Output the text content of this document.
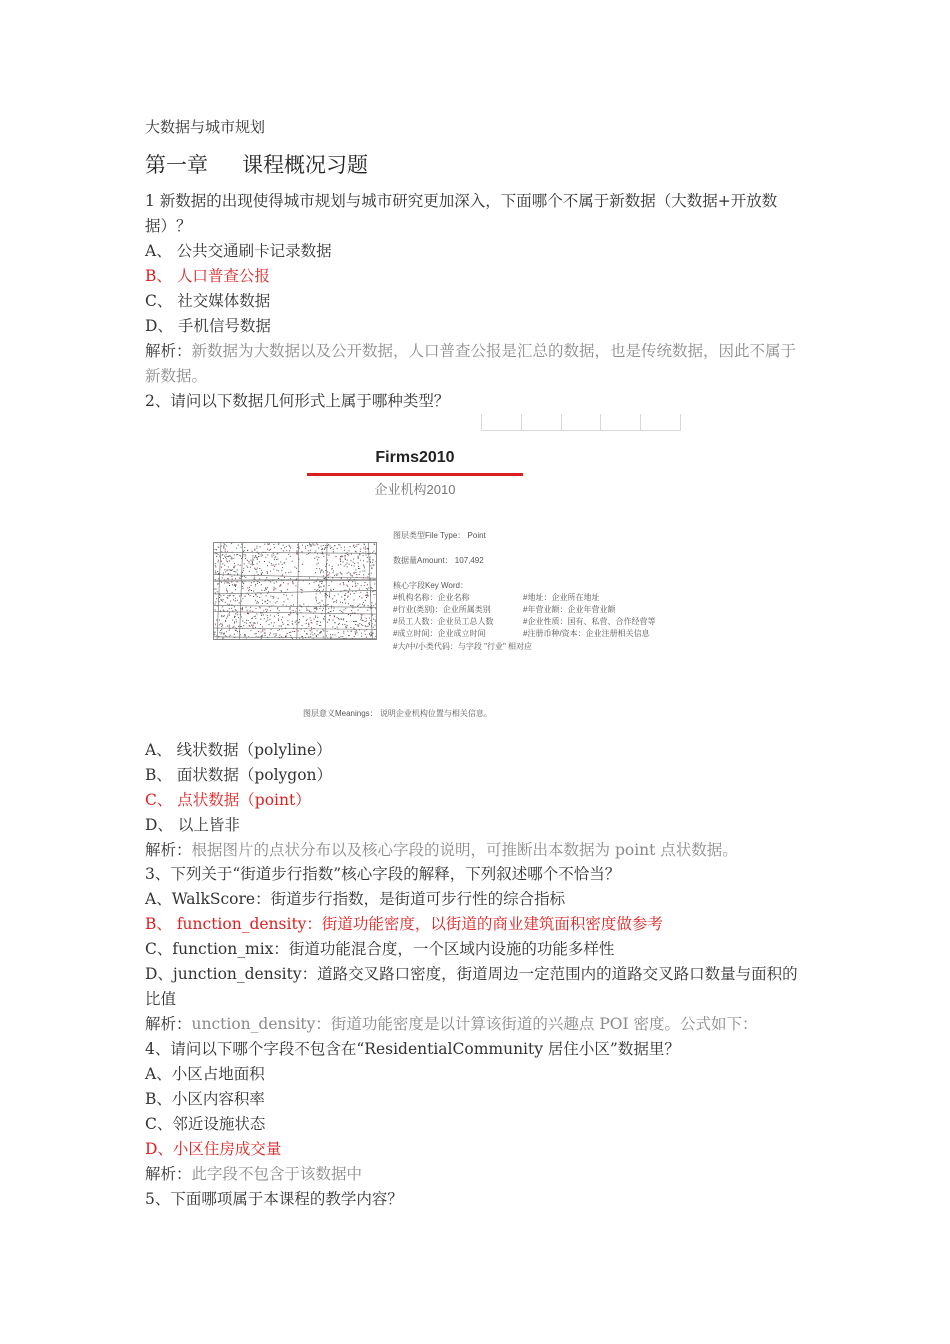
大数据与城市规划
第一章 课程概况习题
1 新数据的出现使得城市规划与城市研究更加深入，下面哪个不属于新数据（大数据+开放数据）？
A、 公共交通刷卡记录数据
B、 人口普查公报
C、 社交媒体数据
D、 手机信号数据
解析：新数据为大数据以及公开数据，人口普查公报是汇总的数据，也是传统数据，因此不属于新数据。
2、请问以下数据几何形式上属于哪种类型？
Firms2010
企业机构2010
图层类型File Type： Point
数据量Amount： 107,492
核心字段Key Word：
#机构名称：企业名称
#行业(类别)：企业所属类别
#员工人数：企业员工总人数
#成立时间：企业成立时间
#大/中/小类代码：与字段 "行业" 相对应
#地址：企业所在地址
#年营业额：企业年营业额
#企业性质：国有、私营、合作经营等
#注册币种/资本：企业注册相关信息
图层意义Meanings： 说明企业机构位置与相关信息。
A、 线状数据（polyline）
B、 面状数据（polygon）
C、 点状数据（point）
D、 以上皆非
解析：根据图片的点状分布以及核心字段的说明，可推断出本数据为 point 点状数据。
3、下列关于“街道步行指数”核心字段的解释，下列叙述哪个不恰当？
A、WalkScore：街道步行指数，是街道可步行性的综合指标
B、 function_density：街道功能密度，以街道的商业建筑面积密度做参考
C、function_mix：街道功能混合度，一个区域内设施的功能多样性
D、junction_density：道路交叉路口密度，街道周边一定范围内的道路交叉路口数量与面积的比值
解析：unction_density：街道功能密度是以计算该街道的兴趣点 POI 密度。公式如下：
4、请问以下哪个字段不包含在“ResidentialCommunity 居住小区”数据里？
A、小区占地面积
B、小区内容积率
C、邻近设施状态
D、小区住房成交量
解析：此字段不包含于该数据中
5、下面哪项属于本课程的教学内容？
